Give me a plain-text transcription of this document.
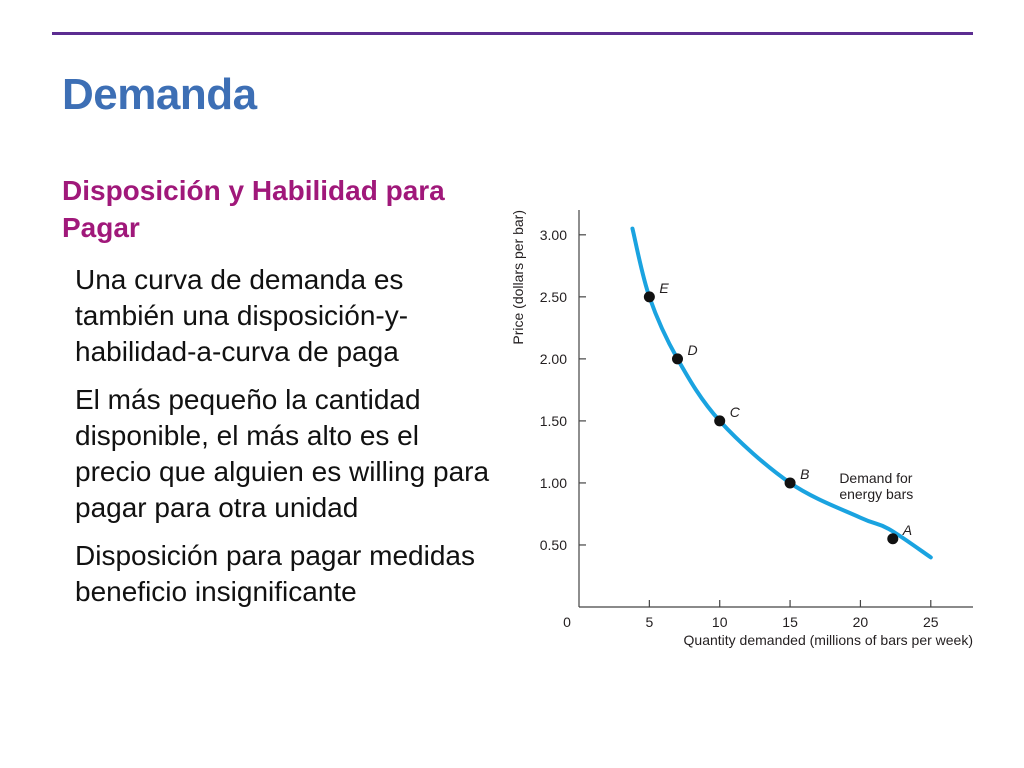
Demanda
Disposición y Habilidad para Pagar

Una curva de demanda es también una disposición-y-habilidad-a-curva de paga

El más pequeño la cantidad disponible, el más alto es el precio que alguien es willing para pagar para otra unidad

Disposición para pagar medidas beneficio insignificante

0.50
1.00
1.50
2.00
2.50
3.00
5	10	15	20	25
0
Quantity demanded (millions of bars per week)
Price (dollars per bar)	E
D
C
B
A
Demand for
energy bars
